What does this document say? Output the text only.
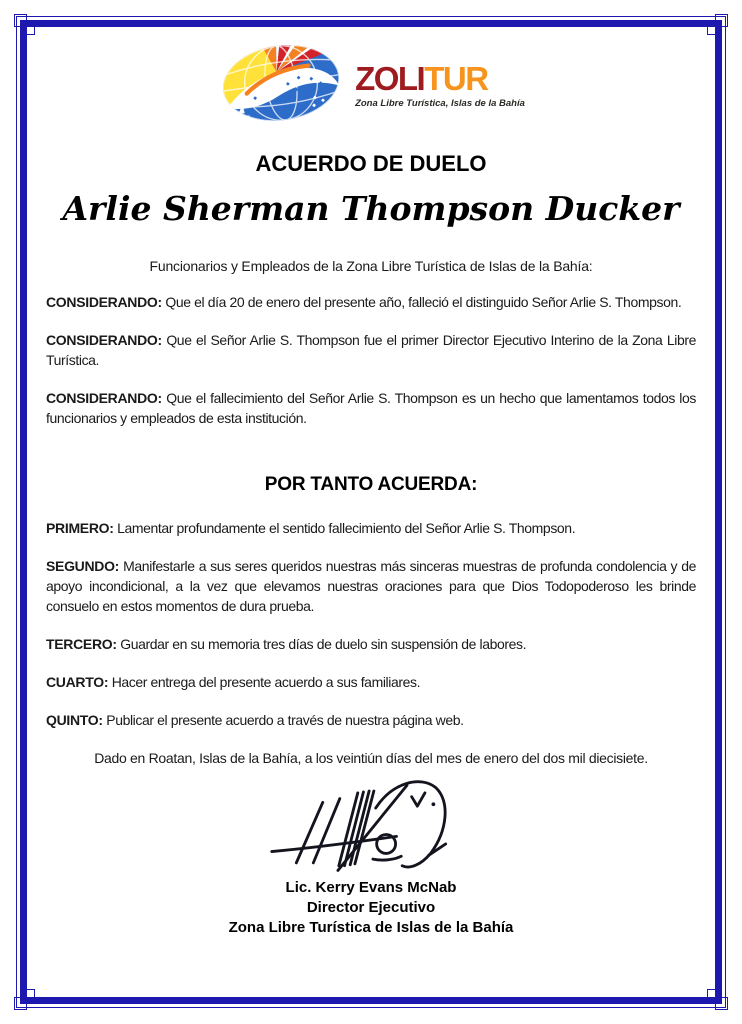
ZOLITUR
Zona Libre Turística, Islas de la Bahía
ACUERDO DE DUELO
Arlie Sherman Thompson Ducker

Funcionarios y Empleados de la Zona Libre Turística de Islas de la Bahía:

CONSIDERANDO: Que el día 20 de enero del presente año, falleció el distinguido Señor Arlie S. Thompson.

CONSIDERANDO: Que el Señor Arlie S. Thompson fue el primer Director Ejecutivo Interino de la Zona Libre Turística.

CONSIDERANDO: Que el fallecimiento del Señor Arlie S. Thompson es un hecho que lamentamos todos los funcionarios y empleados de esta institución.

POR TANTO ACUERDA:

PRIMERO: Lamentar profundamente el sentido fallecimiento del Señor Arlie S. Thompson.

SEGUNDO: Manifestarle a sus seres queridos nuestras más sinceras muestras de profunda condolencia y de apoyo incondicional, a la vez que elevamos nuestras oraciones para que Dios Todopoderoso les brinde consuelo en estos momentos de dura prueba.

TERCERO: Guardar en su memoria tres días de duelo sin suspensión de labores.

CUARTO: Hacer entrega del presente acuerdo a sus familiares.

QUINTO: Publicar el presente acuerdo a través de nuestra página web.

Dado en Roatan, Islas de la Bahía, a los veintiún días del mes de enero del dos mil diecisiete.

Lic. Kerry Evans McNab
Director Ejecutivo
Zona Libre Turística de Islas de la Bahía
